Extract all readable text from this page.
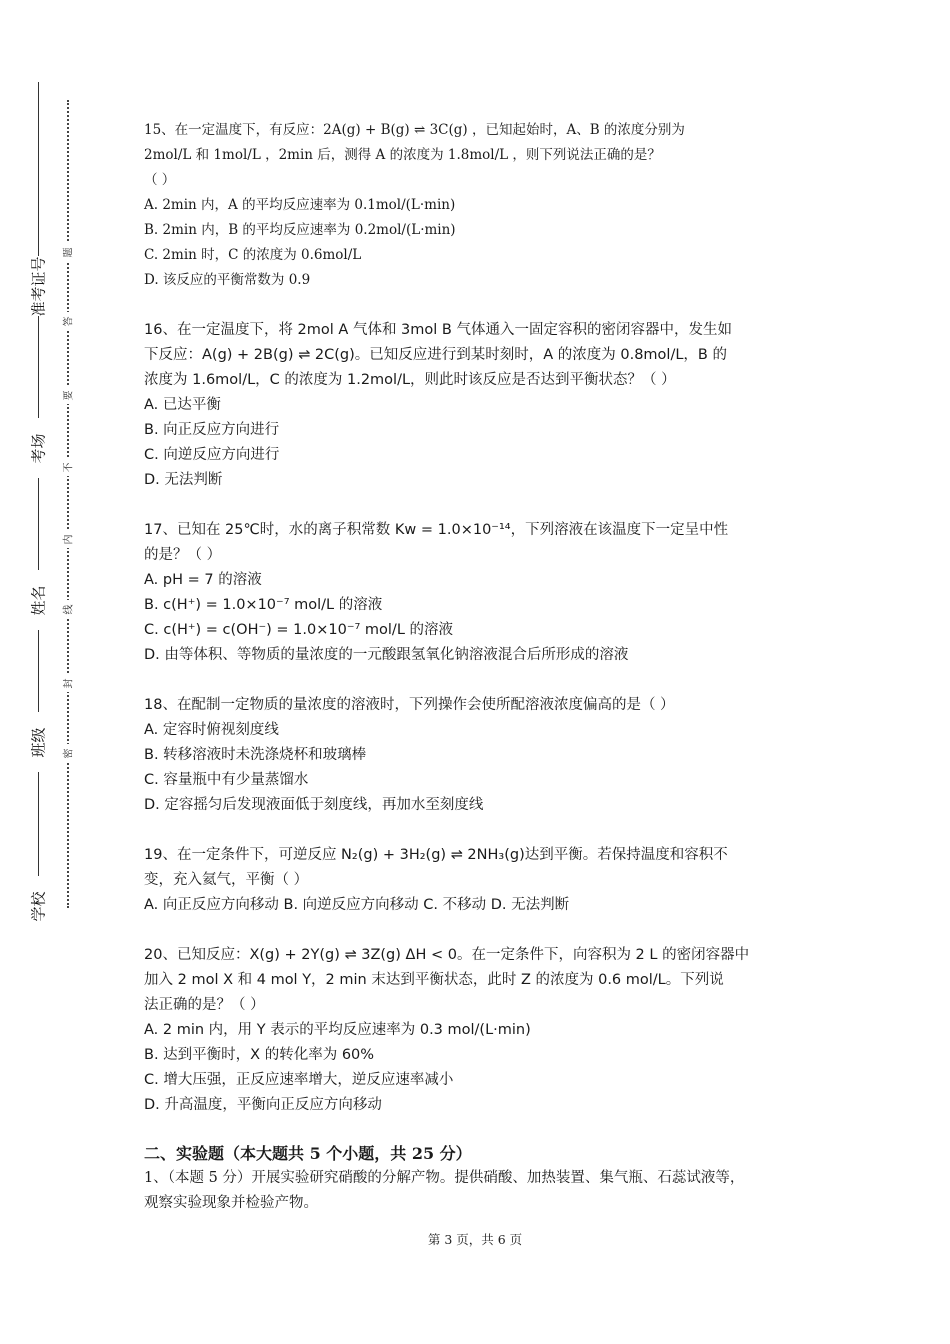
准考证号
考场
姓名
班级
学校
题
答
要
不
内
线
封
密
15、在一定温度下，有反应：2A(g) + B(g) ⇌ 3C(g) ，已知起始时，A、B 的浓度分别为
2mol/L 和 1mol/L ，2min 后，测得 A 的浓度为 1.8mol/L ，则下列说法正确的是？
（ ）
A. 2min 内，A 的平均反应速率为 0.1mol/(L·min)
B. 2min 内，B 的平均反应速率为 0.2mol/(L·min)
C. 2min 时，C 的浓度为 0.6mol/L
D. 该反应的平衡常数为 0.9
16、在一定温度下，将 2mol A 气体和 3mol B 气体通入一固定容积的密闭容器中，发生如
下反应：A(g) + 2B(g) ⇌ 2C(g)。已知反应进行到某时刻时，A 的浓度为 0.8mol/L，B 的
浓度为 1.6mol/L，C 的浓度为 1.2mol/L，则此时该反应是否达到平衡状态？（ ）
A. 已达平衡
B. 向正反应方向进行
C. 向逆反应方向进行
D. 无法判断
17、已知在 25℃时，水的离子积常数 Kw = 1.0×10⁻¹⁴，下列溶液在该温度下一定呈中性
的是？（ ）
A. pH = 7 的溶液
B. c(H⁺) = 1.0×10⁻⁷ mol/L 的溶液
C. c(H⁺) = c(OH⁻) = 1.0×10⁻⁷ mol/L 的溶液
D. 由等体积、等物质的量浓度的一元酸跟氢氧化钠溶液混合后所形成的溶液
18、在配制一定物质的量浓度的溶液时，下列操作会使所配溶液浓度偏高的是（ ）
A. 定容时俯视刻度线
B. 转移溶液时未洗涤烧杯和玻璃棒
C. 容量瓶中有少量蒸馏水
D. 定容摇匀后发现液面低于刻度线，再加水至刻度线
19、在一定条件下，可逆反应 N₂(g) + 3H₂(g) ⇌ 2NH₃(g)达到平衡。若保持温度和容积不
变，充入氦气，平衡（ ）
A. 向正反应方向移动 B. 向逆反应方向移动 C. 不移动 D. 无法判断
20、已知反应：X(g) + 2Y(g) ⇌ 3Z(g) ΔH < 0。在一定条件下，向容积为 2 L 的密闭容器中
加入 2 mol X 和 4 mol Y，2 min 末达到平衡状态，此时 Z 的浓度为 0.6 mol/L。下列说
法正确的是？（ ）
A. 2 min 内，用 Y 表示的平均反应速率为 0.3 mol/(L·min)
B. 达到平衡时，X 的转化率为 60%
C. 增大压强，正反应速率增大，逆反应速率减小
D. 升高温度，平衡向正反应方向移动
二、实验题（本大题共 5 个小题，共 25 分）
1、（本题 5 分）开展实验研究硝酸的分解产物。提供硝酸、加热装置、集气瓶、石蕊试液等，
观察实验现象并检验产物。
第 3 页，共 6 页
